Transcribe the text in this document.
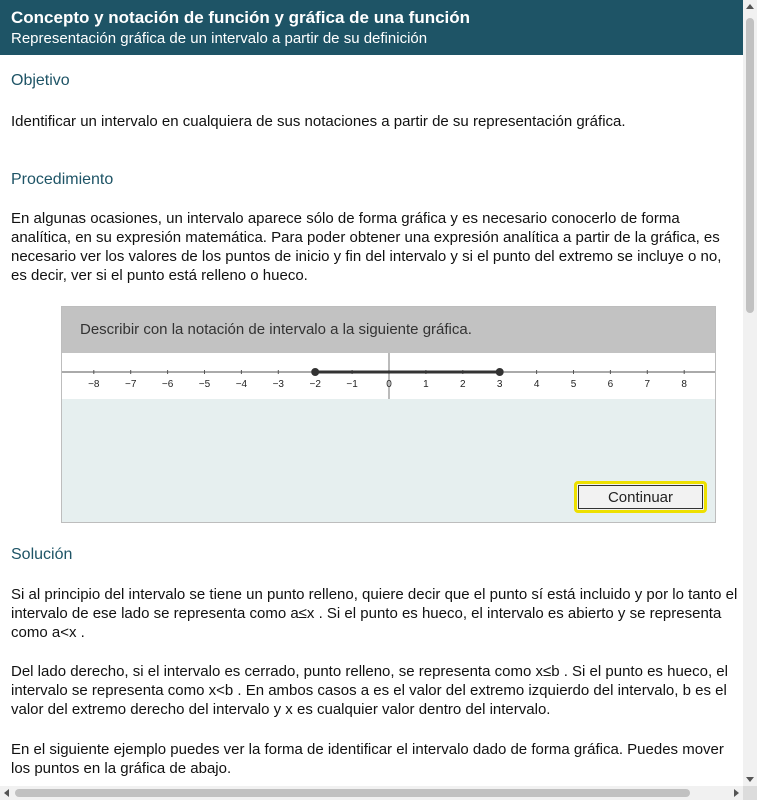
Concepto y notación de función y gráfica de una función
Representación gráfica de un intervalo a partir de su definición
Objetivo

Identificar un intervalo en cualquiera de sus notaciones a partir de su representación gráfica.

Procedimiento

En algunas ocasiones, un intervalo aparece sólo de forma gráfica y es necesario conocerlo de forma analítica, en su expresión matemática. Para poder obtener una expresión analítica a partir de la gráfica, es necesario ver los valores de los puntos de inicio y fin del intervalo y si el punto del extremo se incluye o no, es decir, ver si el punto está relleno o hueco.

Describir con la notación de intervalo a la siguiente gráfica.
−8	−7	−6	−5	−4	−3	−2	−1	0	1	2	3	4	5	6	7	8
Continuar
Solución

Si al principio del intervalo se tiene un punto relleno, quiere decir que el punto sí está incluido y por lo tanto el intervalo de ese lado se representa como a≤x . Si el punto es hueco, el intervalo es abierto y se representa como a<x .

Del lado derecho, si el intervalo es cerrado, punto relleno, se representa como x≤b . Si el punto es hueco, el intervalo se representa como x<b . En ambos casos a es el valor del extremo izquierdo del intervalo, b es el valor del extremo derecho del intervalo y x es cualquier valor dentro del intervalo.

En el siguiente ejemplo puedes ver la forma de identificar el intervalo dado de forma gráfica. Puedes mover los puntos en la gráfica de abajo.
